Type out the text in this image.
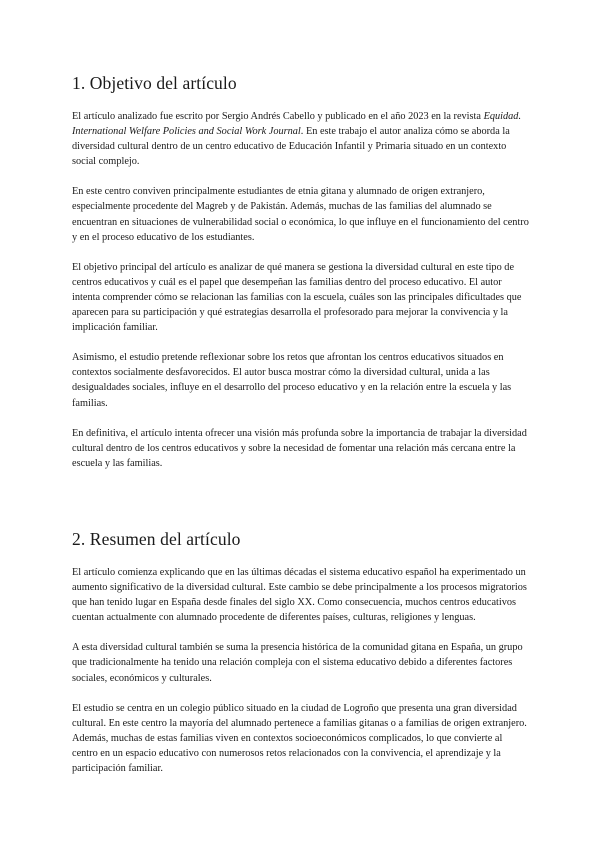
1. Objetivo del artículo

El artículo analizado fue escrito por Sergio Andrés Cabello y publicado en el año 2023 en la revista Equidad. International Welfare Policies and Social Work Journal. En este trabajo el autor analiza cómo se aborda la diversidad cultural dentro de un centro educativo de Educación Infantil y Primaria situado en un contexto social complejo.

En este centro conviven principalmente estudiantes de etnia gitana y alumnado de origen extranjero, especialmente procedente del Magreb y de Pakistán. Además, muchas de las familias del alumnado se encuentran en situaciones de vulnerabilidad social o económica, lo que influye en el funcionamiento del centro y en el proceso educativo de los estudiantes.

El objetivo principal del artículo es analizar de qué manera se gestiona la diversidad cultural en este tipo de centros educativos y cuál es el papel que desempeñan las familias dentro del proceso educativo. El autor intenta comprender cómo se relacionan las familias con la escuela, cuáles son las principales dificultades que aparecen para su participación y qué estrategias desarrolla el profesorado para mejorar la convivencia y la implicación familiar.

Asimismo, el estudio pretende reflexionar sobre los retos que afrontan los centros educativos situados en contextos socialmente desfavorecidos. El autor busca mostrar cómo la diversidad cultural, unida a las desigualdades sociales, influye en el desarrollo del proceso educativo y en la relación entre la escuela y las familias.

En definitiva, el artículo intenta ofrecer una visión más profunda sobre la importancia de trabajar la diversidad cultural dentro de los centros educativos y sobre la necesidad de fomentar una relación más cercana entre la escuela y las familias.

2. Resumen del artículo

El artículo comienza explicando que en las últimas décadas el sistema educativo español ha experimentado un aumento significativo de la diversidad cultural. Este cambio se debe principalmente a los procesos migratorios que han tenido lugar en España desde finales del siglo XX. Como consecuencia, muchos centros educativos cuentan actualmente con alumnado procedente de diferentes países, culturas, religiones y lenguas.

A esta diversidad cultural también se suma la presencia histórica de la comunidad gitana en España, un grupo que tradicionalmente ha tenido una relación compleja con el sistema educativo debido a diferentes factores sociales, económicos y culturales.

El estudio se centra en un colegio público situado en la ciudad de Logroño que presenta una gran diversidad cultural. En este centro la mayoría del alumnado pertenece a familias gitanas o a familias de origen extranjero. Además, muchas de estas familias viven en contextos socioeconómicos complicados, lo que convierte al centro en un espacio educativo con numerosos retos relacionados con la convivencia, el aprendizaje y la participación familiar.
